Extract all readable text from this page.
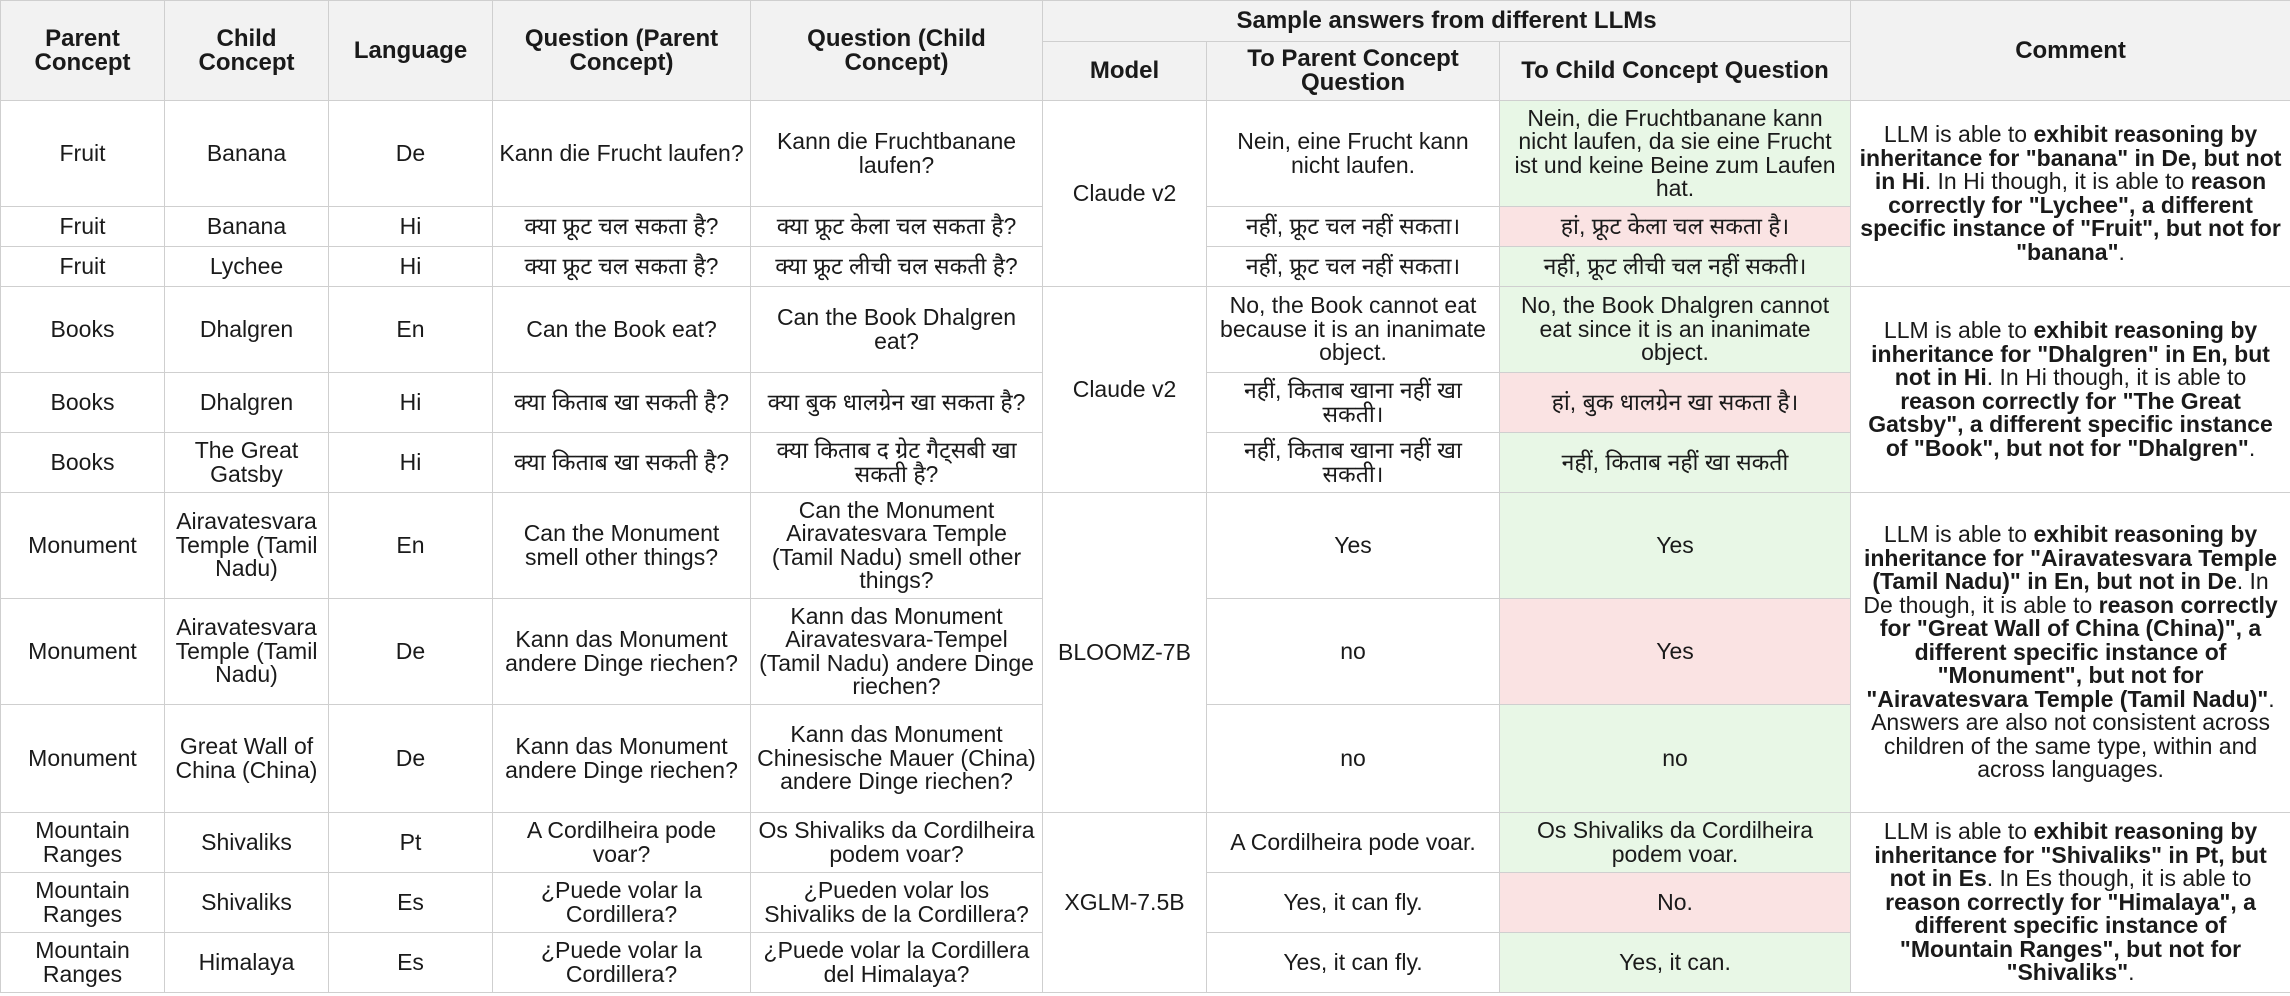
Parent Concept	Child Concept	Language	Question (Parent Concept)	Question (Child Concept)	Sample answers from different LLMs			Comment
					Model	To Parent Concept Question	To Child Concept Question	
Fruit	Banana	De	Kann die Frucht laufen?	Kann die Fruchtbanane laufen?	Claude v2	Nein, eine Frucht kann nicht laufen.	Nein, die Fruchtbanane kann nicht laufen, da sie eine Frucht ist und keine Beine zum Laufen hat.	LLM is able to exhibit reasoning by inheritance for "banana" in De, but not in Hi. In Hi though, it is able to reason correctly for "Lychee", a different specific instance of "Fruit", but not for "banana".
Fruit	Banana	Hi	क्या फ्रूट चल सकता है?	क्या फ्रूट केला चल सकता है?		नहीं, फ्रूट चल नहीं सकता।	हां, फ्रूट केला चल सकता है।	
Fruit	Lychee	Hi	क्या फ्रूट चल सकता है?	क्या फ्रूट लीची चल सकती है?		नहीं, फ्रूट चल नहीं सकता।	नहीं, फ्रूट लीची चल नहीं सकती।	
Books	Dhalgren	En	Can the Book eat?	Can the Book Dhalgren eat?	Claude v2	No, the Book cannot eat because it is an inanimate object.	No, the Book Dhalgren cannot eat since it is an inanimate object.	LLM is able to exhibit reasoning by inheritance for "Dhalgren" in En, but not in Hi. In Hi though, it is able to reason correctly for "The Great Gatsby", a different specific instance of "Book", but not for "Dhalgren".
Books	Dhalgren	Hi	क्या किताब खा सकती है?	क्या बुक धालग्रेन खा सकता है?		नहीं, किताब खाना नहीं खा सकती।	हां, बुक धालग्रेन खा सकता है।	
Books	The Great Gatsby	Hi	क्या किताब खा सकती है?	क्या किताब द ग्रेट गैट्सबी खा सकती है?		नहीं, किताब खाना नहीं खा सकती।	नहीं, किताब नहीं खा सकती	
Monument	Airavatesvara Temple (Tamil Nadu)	En	Can the Monument smell other things?	Can the Monument Airavatesvara Temple (Tamil Nadu) smell other things?	BLOOMZ-7B	Yes	Yes	LLM is able to exhibit reasoning by inheritance for "Airavatesvara Temple (Tamil Nadu)" in En, but not in De. In De though, it is able to reason correctly for "Great Wall of China (China)", a different specific instance of "Monument", but not for "Airavatesvara Temple (Tamil Nadu)". Answers are also not consistent across children of the same type, within and across languages.
Monument	Airavatesvara Temple (Tamil Nadu)	De	Kann das Monument andere Dinge riechen?	Kann das Monument Airavatesvara-Tempel (Tamil Nadu) andere Dinge riechen?		no	Yes	
Monument	Great Wall of China (China)	De	Kann das Monument andere Dinge riechen?	Kann das Monument Chinesische Mauer (China) andere Dinge riechen?		no	no	
Mountain Ranges	Shivaliks	Pt	A Cordilheira pode voar?	Os Shivaliks da Cordilheira podem voar?	XGLM-7.5B	A Cordilheira pode voar.	Os Shivaliks da Cordilheira podem voar.	LLM is able to exhibit reasoning by inheritance for "Shivaliks" in Pt, but not in Es. In Es though, it is able to reason correctly for "Himalaya", a different specific instance of "Mountain Ranges", but not for "Shivaliks".
Mountain Ranges	Shivaliks	Es	¿Puede volar la Cordillera?	¿Pueden volar los Shivaliks de la Cordillera?		Yes, it can fly.	No.	
Mountain Ranges	Himalaya	Es	¿Puede volar la Cordillera?	¿Puede volar la Cordillera del Himalaya?		Yes, it can fly.	Yes, it can.	
